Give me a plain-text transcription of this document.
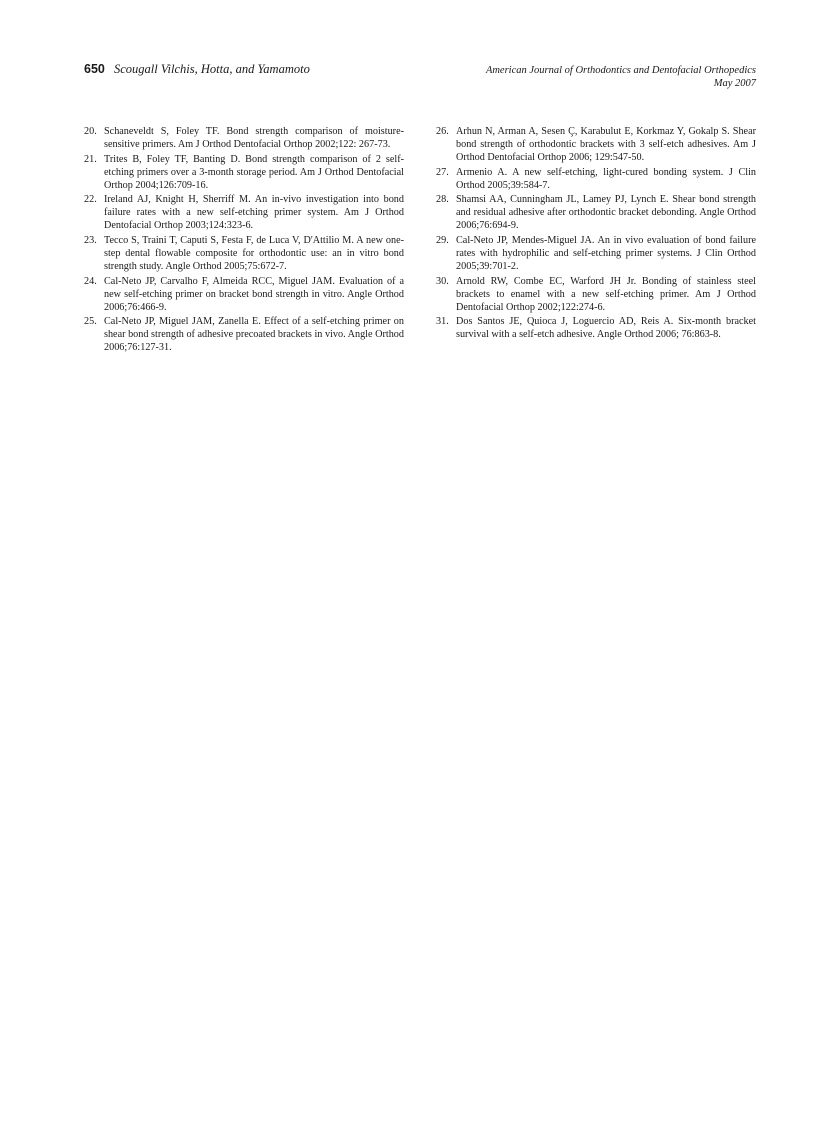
650 Scougall Vilchis, Hotta, and Yamamoto	American Journal of Orthodontics and Dentofacial Orthopedics
May 2007
20. Schaneveldt S, Foley TF. Bond strength comparison of moisture-sensitive primers. Am J Orthod Dentofacial Orthop 2002;122: 267-73.
21. Trites B, Foley TF, Banting D. Bond strength comparison of 2 self-etching primers over a 3-month storage period. Am J Orthod Dentofacial Orthop 2004;126:709-16.
22. Ireland AJ, Knight H, Sherriff M. An in-vivo investigation into bond failure rates with a new self-etching primer system. Am J Orthod Dentofacial Orthop 2003;124:323-6.
23. Tecco S, Traini T, Caputi S, Festa F, de Luca V, D'Attilio M. A new one-step dental flowable composite for orthodontic use: an in vitro bond strength study. Angle Orthod 2005;75:672-7.
24. Cal-Neto JP, Carvalho F, Almeida RCC, Miguel JAM. Evaluation of a new self-etching primer on bracket bond strength in vitro. Angle Orthod 2006;76:466-9.
25. Cal-Neto JP, Miguel JAM, Zanella E. Effect of a self-etching primer on shear bond strength of adhesive precoated brackets in vivo. Angle Orthod 2006;76:127-31.
26. Arhun N, Arman A, Sesen Ç, Karabulut E, Korkmaz Y, Gokalp S. Shear bond strength of orthodontic brackets with 3 self-etch adhesives. Am J Orthod Dentofacial Orthop 2006; 129:547-50.
27. Armenio A. A new self-etching, light-cured bonding system. J Clin Orthod 2005;39:584-7.
28. Shamsi AA, Cunningham JL, Lamey PJ, Lynch E. Shear bond strength and residual adhesive after orthodontic bracket debonding. Angle Orthod 2006;76:694-9.
29. Cal-Neto JP, Mendes-Miguel JA. An in vivo evaluation of bond failure rates with hydrophilic and self-etching primer systems. J Clin Orthod 2005;39:701-2.
30. Arnold RW, Combe EC, Warford JH Jr. Bonding of stainless steel brackets to enamel with a new self-etching primer. Am J Orthod Dentofacial Orthop 2002;122:274-6.
31. Dos Santos JE, Quioca J, Loguercio AD, Reis A. Six-month bracket survival with a self-etch adhesive. Angle Orthod 2006; 76:863-8.
